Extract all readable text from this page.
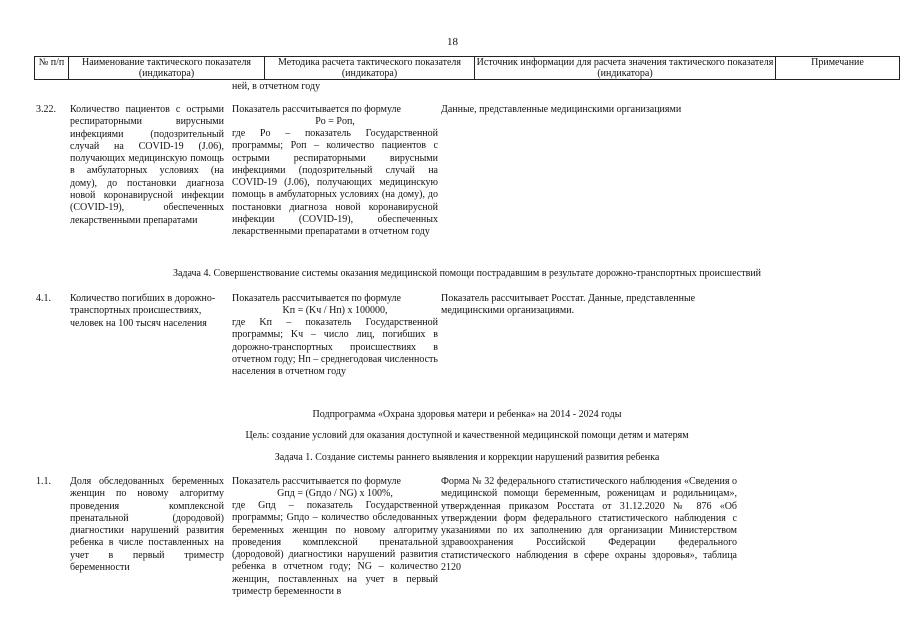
18
№ п/п	Наименование тактического показателя (индикатора)
Методика расчета тактического показателя (индикатора)
Источник информации для расчета значения тактического показателя (индикатора)
Примечание
ней, в отчетном году
3.22. Количество пациентов с острыми респираторными вирусными инфекциями (подозрительный случай на COVID-19 (J.06), получающих медицинскую помощь в амбулаторных условиях (на дому), до постановки диагноза новой коронавирусной инфекции (COVID-19), обеспеченных лекарственными препаратами
Показатель рассчитывается по формуле
Pо = Pоп,
где Pо – показатель Государственной программы; Pоп – количество пациентов с острыми респираторными вирусными инфекциями (подозрительный случай на COVID-19 (J.06), получающих медицинскую помощь в амбулаторных условиях (на дому), до постановки диагноза новой коронавирусной инфекции (COVID-19), обеспеченных лекарственными препаратами в отчетном году
Данные, представленные медицинскими организациями
Задача 4. Совершенствование системы оказания медицинской помощи пострадавшим в результате дорожно-транспортных происшествий
4.1. Количество погибших в дорожно-транспортных происшествиях, человек на 100 тысяч населения
Показатель рассчитывается по формуле
Kп = (Kч / Hп) x 100000,
где Kп – показатель Государственной программы; Kч – число лиц, погибших в дорожно-транспортных происшествиях в отчетном году; Hп – среднегодовая численность населения в отчетном году
Показатель рассчитывает Росстат. Данные, представленные медицинскими организациями.
Подпрограмма «Охрана здоровья матери и ребенка» на 2014 - 2024 годы
Цель: создание условий для оказания доступной и качественной медицинской помощи детям и матерям
Задача 1. Создание системы раннего выявления и коррекции нарушений развития ребенка
1.1. Доля обследованных беременных женщин по новому алгоритму проведения комплексной пренатальной (дородовой) диагностики нарушений развития ребенка в числе поставленных на учет в первый триместр беременности
Показатель рассчитывается по формуле
Gпд = (Gпдо / NG) x 100%,
где Gпд – показатель Государственной программы; Gпдо – количество обследованных беременных женщин по новому алгоритму проведения комплексной пренатальной (дородовой) диагностики нарушений развития ребенка в отчетном году; NG – количество женщин, поставленных на учет в первый триместр беременности в
Форма № 32 федерального статистического наблюдения «Сведения о медицинской помощи беременным, роженицам и родильницам», утвержденная приказом Росстата от 31.12.2020 № 876 «Об утверждении форм федерального статистического наблюдения с указаниями по их заполнению для организации Министерством здравоохранения Российской Федерации федерального статистического наблюдения в сфере охраны здоровья», таблица 2120
